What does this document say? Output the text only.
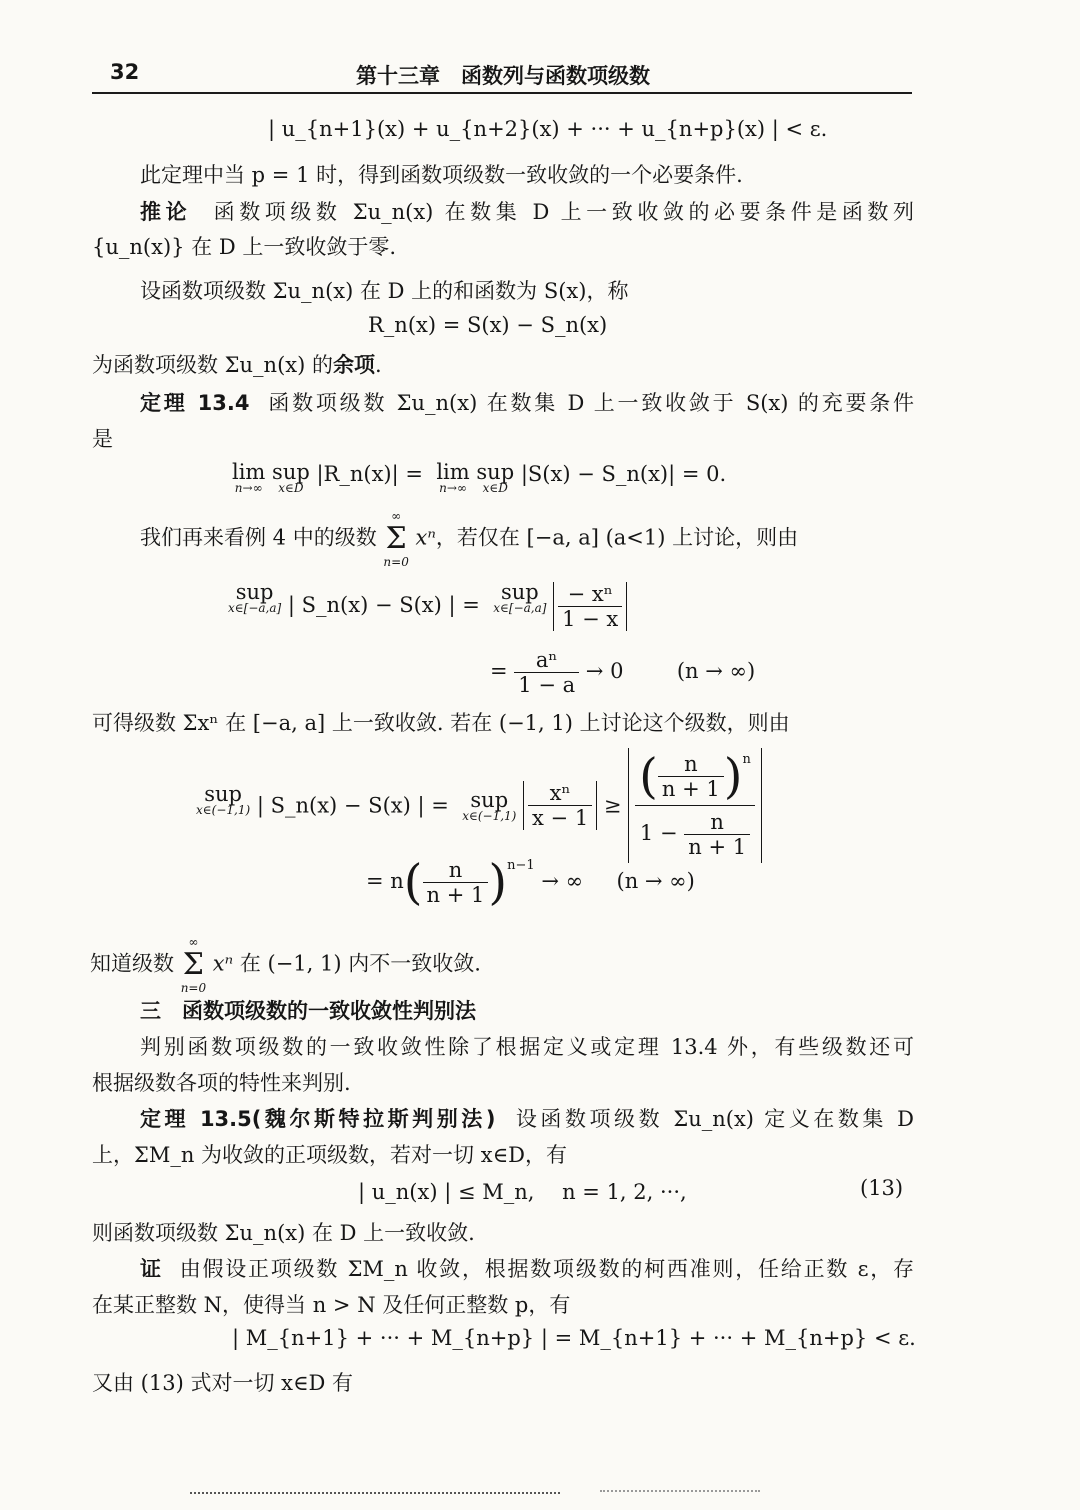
32	第十三章　函数列与函数项级数
| u_{n+1}(x) + u_{n+2}(x) + ··· + u_{n+p}(x) | < ε.
此定理中当 p = 1 时，得到函数项级数一致收敛的一个必要条件.
推论 函数项级数 Σu_n(x) 在数集 D 上一致收敛的必要条件是函数列
{u_n(x)} 在 D 上一致收敛于零.
设函数项级数 Σu_n(x) 在 D 上的和函数为 S(x)，称
R_n(x) = S(x) − S_n(x)
为函数项级数 Σu_n(x) 的余项.
定理 13.4 函数项级数 Σu_n(x) 在数集 D 上一致收敛于 S(x) 的充要条件
是
lim
n→∞
sup
x∈D
|R_n(x)| = lim
n→∞
sup
x∈D
|S(x) − S_n(x)| = 0.
我们再来看例 4 中的级数
∞
Σ
n=0
xⁿ，若仅在 [−a, a] (a<1) 上讨论，则由
sup
x∈[−a,a] | S_n(x) − S(x) | =  sup
x∈[−a,a]
$\frac{\text{− xⁿ}}{1 - x}$
= $\frac{\text{aⁿ}}{1 - a} \to 0$	(n → ∞)
可得级数 Σxⁿ 在 [−a, a] 上一致收敛. 若在 (−1, 1) 上讨论这个级数，则由
sup
x∈(−1,1) | S_n(x) − S(x) | = sup
x∈(−1,1)
$\frac{\text{xⁿ}}{x - 1} \ge \frac{( \frac{n}{n + 1} )^n}{1 - \frac{n}{n + 1}}$
= $n( \frac{n}{n + 1} )^{n-1}$ → ∞ (n → ∞)
知道级数
∞
Σ
n=0
xⁿ 在 (−1, 1) 内不一致收敛.
三　函数项级数的一致收敛性判别法
判别函数项级数的一致收敛性除了根据定义或定理 13.4 外，有些级数还可
根据级数各项的特性来判别.
定理 13.5(魏尔斯特拉斯判别法) 设函数项级数 Σu_n(x) 定义在数集 D
上，ΣM_n 为收敛的正项级数，若对一切 x∈D，有
| u_n(x) | ≤ M_n,　 n = 1, 2, ···,	(13)
则函数项级数 Σu_n(x) 在 D 上一致收敛.
证 由假设正项级数 ΣM_n 收敛，根据数项级数的柯西准则，任给正数 ε，存
在某正整数 N，使得当 n > N 及任何正整数 p，有
| M_{n+1} + ··· + M_{n+p} | = M_{n+1} + ··· + M_{n+p} < ε.
又由 (13) 式对一切 x∈D 有
